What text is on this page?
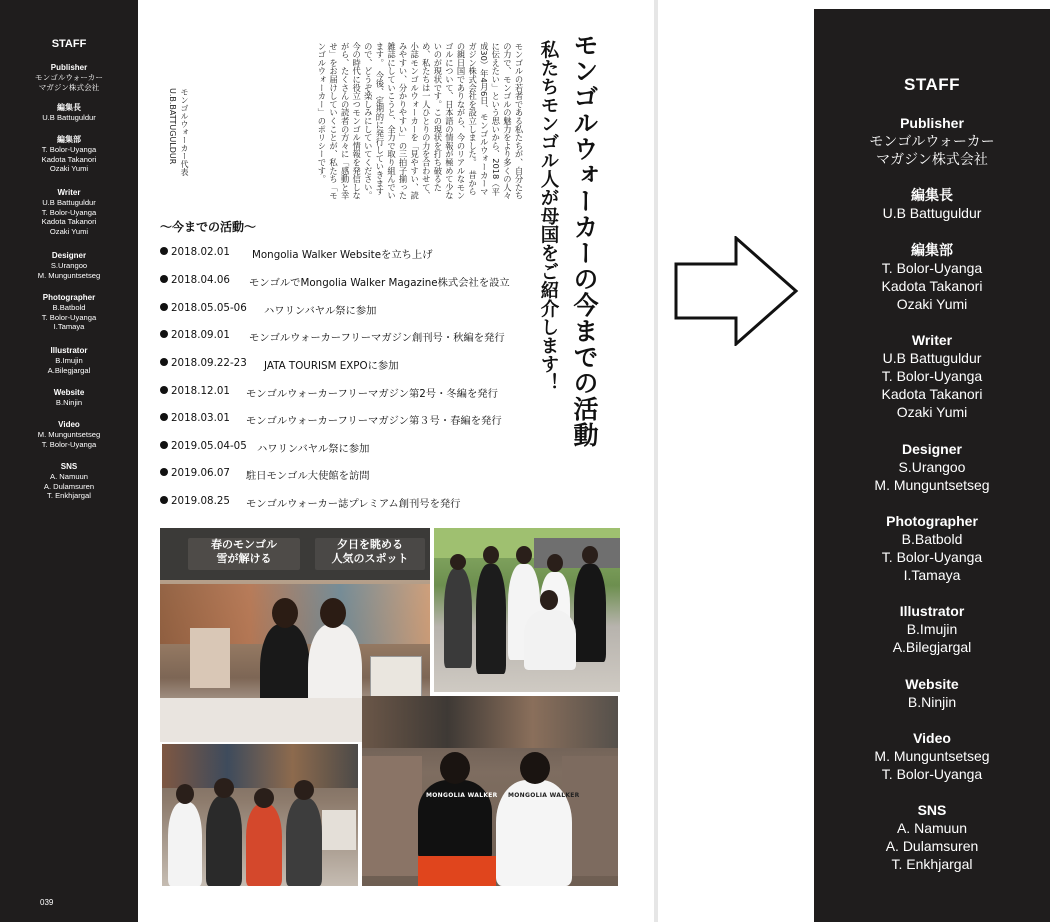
STAFF
Publisher
モンゴルウォーカー
マガジン株式会社
編集長
U.B Battuguldur
編集部
T. Bolor-Uyanga
Kadota Takanori
Ozaki Yumi
Writer
U.B Battuguldur
T. Bolor-Uyanga
Kadota Takanori
Ozaki Yumi
Designer
S.Urangoo
M. Munguntsetseg
Photographer
B.Batbold
T. Bolor-Uyanga
I.Tamaya
Illustrator
B.Imujin
A.Bilegjargal
Website
B.Ninjin
Video
M. Munguntsetseg
T. Bolor-Uyanga
SNS
A. Namuun
A. Dulamsuren
T. Enkhjargal
039
モンゴルウォーカーの今までの活動
私たちモンゴル人が母国をご紹介します！
モンゴルの若者である私たちが、自分たちの力で、モンゴルの魅力をより多くの人々に伝えたい」という思いから、2018（平成30）年4月6日、モンゴルウォーカーマガジン株式会社を設立しました。　昔からの親日国でありながら、今のリアルなモンゴルについて、日本語の情報が極めて少ないのが現状です。この現状を打ち破るため、私たちは一人ひとりの力を合わせて、小誌モンゴルウォーカーを「見やすい、読みやすい、分かりやすい」の三拍子揃った雑誌にしていこうと、全力で取り組んでいます。　今後、定期的に発行していきますので、どうぞ楽しみにしていてください。今の時代に役立つモンゴル情報を発信しながら、たくさんの読者の方々に「感動と幸せ」をお届けしていくことが、私たち「モンゴルウォーカー」のポリシーです。
モンゴルウォーカー代表
U.B.BATTUGULDUR
〜今までの活動〜
2018.02.01 Mongolia Walker Websiteを立ち上げ
2018.04.06 モンゴルでMongolia Walker Magazine株式会社を設立
2018.05.05-06 ハワリンバヤル祭に参加
2018.09.01 モンゴルウォーカーフリーマガジン創刊号・秋編を発行
2018.09.22-23 JATA TOURISM EXPOに参加
2018.12.01 モンゴルウォーカーフリーマガジン第2号・冬編を発行
2018.03.01 モンゴルウォーカーフリーマガジン第３号・春編を発行
2019.05.04-05 ハワリンバヤル祭に参加
2019.06.07 駐日モンゴル大使館を訪問
2019.08.25 モンゴルウォーカー誌プレミアム創刊号を発行
春のモンゴル
雪が解ける
夕日を眺める
人気のスポット
MONGOLIA WALKER MONGOLIA WALKER
STAFF
Publisher
モンゴルウォーカー
マガジン株式会社
編集長
U.B Battuguldur
編集部
T. Bolor-Uyanga
Kadota Takanori
Ozaki Yumi
Writer
U.B Battuguldur
T. Bolor-Uyanga
Kadota Takanori
Ozaki Yumi
Designer
S.Urangoo
M. Munguntsetseg
Photographer
B.Batbold
T. Bolor-Uyanga
I.Tamaya
Illustrator
B.Imujin
A.Bilegjargal
Website
B.Ninjin
Video
M. Munguntsetseg
T. Bolor-Uyanga
SNS
A. Namuun
A. Dulamsuren
T. Enkhjargal
